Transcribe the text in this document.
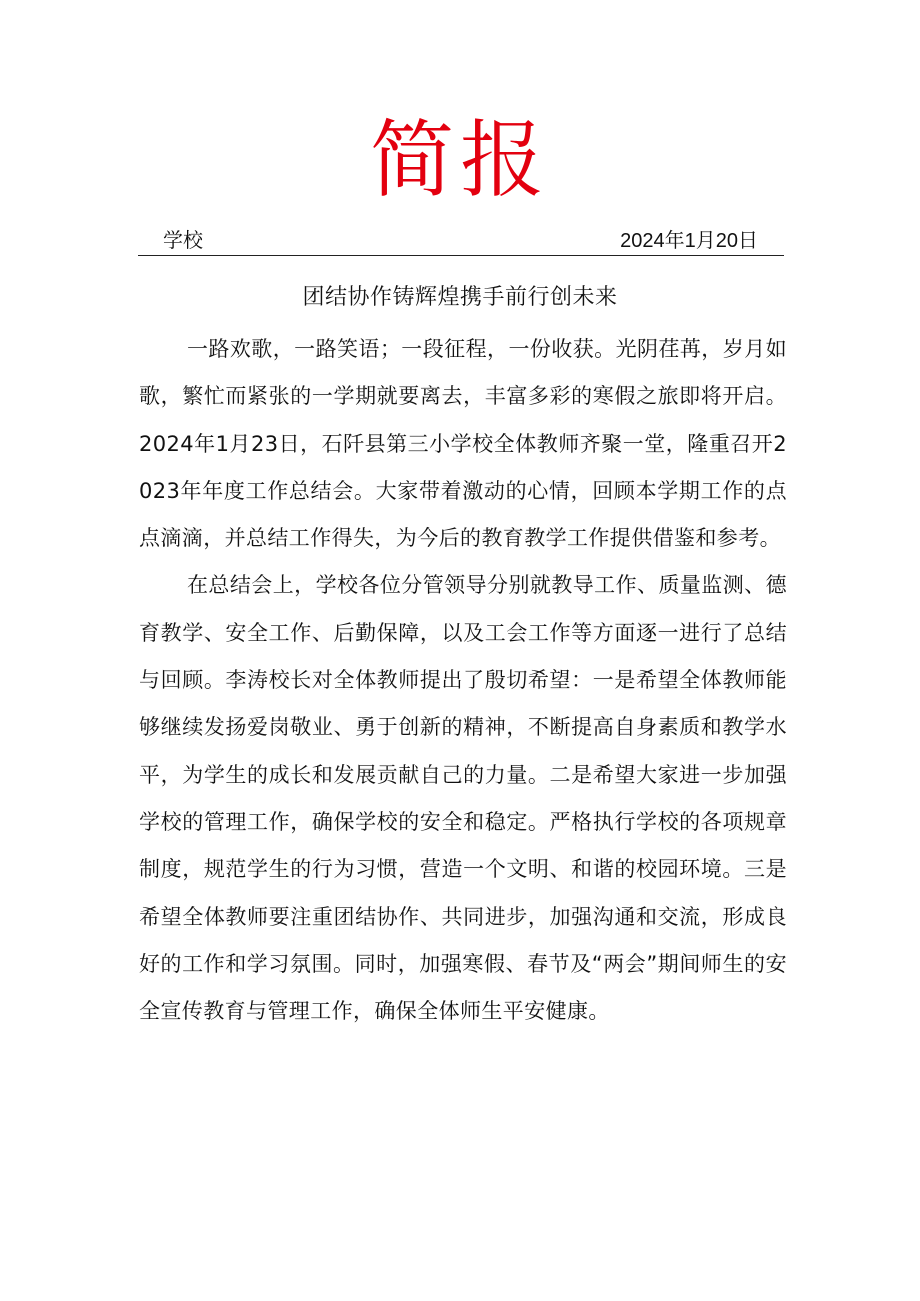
简报
学校	2024年1月20日
团结协作铸辉煌携手前行创未来

一路欢歌，一路笑语；一段征程，一份收获。光阴荏苒，岁月如歌，繁忙而紧张的一学期就要离去，丰富多彩的寒假之旅即将开启。2024年1月23日，石阡县第三小学校全体教师齐聚一堂，隆重召开2023年年度工作总结会。大家带着激动的心情，回顾本学期工作的点点滴滴，并总结工作得失，为今后的教育教学工作提供借鉴和参考。

在总结会上，学校各位分管领导分别就教导工作、质量监测、德育教学、安全工作、后勤保障，以及工会工作等方面逐一进行了总结与回顾。李涛校长对全体教师提出了殷切希望：一是希望全体教师能够继续发扬爱岗敬业、勇于创新的精神，不断提高自身素质和教学水平，为学生的成长和发展贡献自己的力量。二是希望大家进一步加强学校的管理工作，确保学校的安全和稳定。严格执行学校的各项规章制度，规范学生的行为习惯，营造一个文明、和谐的校园环境。三是希望全体教师要注重团结协作、共同进步，加强沟通和交流，形成良好的工作和学习氛围。同时，加强寒假、春节及“两会”期间师生的安全宣传教育与管理工作，确保全体师生平安健康。
